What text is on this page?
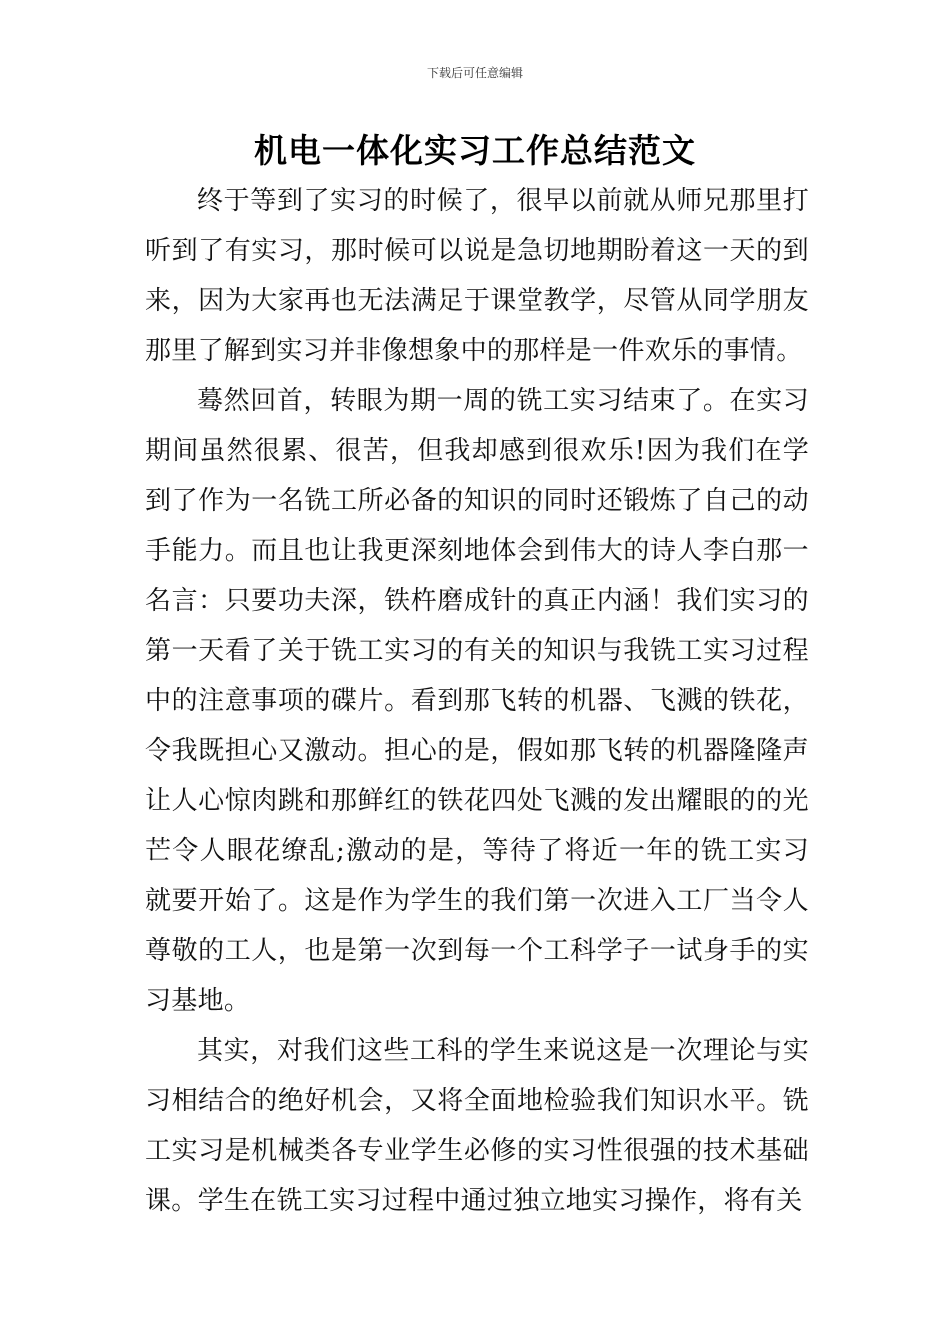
下载后可任意编辑
机电一体化实习工作总结范文

终于等到了实习的时候了，很早以前就从师兄那里打听到了有实习，那时候可以说是急切地期盼着这一天的到来，因为大家再也无法满足于课堂教学，尽管从同学朋友那里了解到实习并非像想象中的那样是一件欢乐的事情。

蓦然回首，转眼为期一周的铣工实习结束了。在实习期间虽然很累、很苦，但我却感到很欢乐!因为我们在学到了作为一名铣工所必备的知识的同时还锻炼了自己的动手能力。而且也让我更深刻地体会到伟大的诗人李白那一名言：只要功夫深，铁杵磨成针的真正内涵！我们实习的第一天看了关于铣工实习的有关的知识与我铣工实习过程中的注意事项的碟片。看到那飞转的机器、飞溅的铁花，令我既担心又激动。担心的是，假如那飞转的机器隆隆声让人心惊肉跳和那鲜红的铁花四处飞溅的发出耀眼的的光芒令人眼花缭乱;激动的是，等待了将近一年的铣工实习就要开始了。这是作为学生的我们第一次进入工厂当令人尊敬的工人，也是第一次到每一个工科学子一试身手的实习基地。

其实，对我们这些工科的学生来说这是一次理论与实习相结合的绝好机会，又将全面地检验我们知识水平。铣工实习是机械类各专业学生必修的实习性很强的技术基础课。学生在铣工实习过程中通过独立地实习操作，将有关
